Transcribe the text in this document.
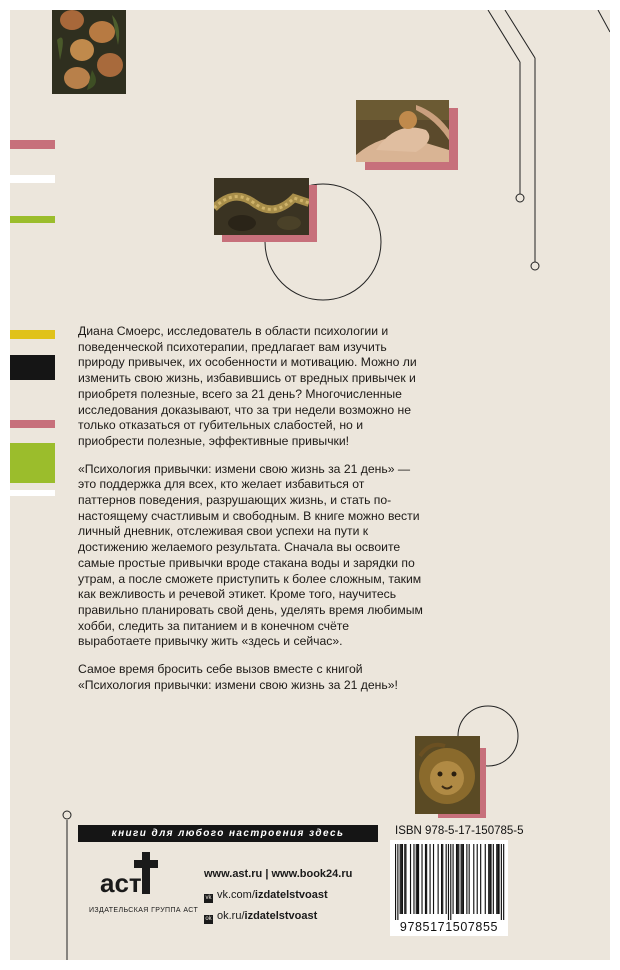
Диана Смоерс, исследователь в области психологии и поведенческой психотерапии, предлагает вам изучить природу привычек, их особенности и мотивацию. Можно ли изменить свою жизнь, избавившись от вредных привычек и приобретя полезные, всего за 21 день? Многочисленные исследования доказывают, что за три недели возможно не только отказаться от губительных слабостей, но и приобрести полезные, эффективные привычки!

«Психология привычки: измени свою жизнь за 21 день» — это поддержка для всех, кто желает избавиться от паттернов поведения, разрушающих жизнь, и стать по-настоящему счастливым и свободным. В книге можно вести личный дневник, отслеживая свои успехи на пути к достижению желаемого результата. Сначала вы освоите самые простые привычки вроде стакана воды и зарядки по утрам, а после сможете приступить к более сложным, таким как вежливость и речевой этикет. Кроме того, научитесь правильно планировать свой день, уделять время любимым хобби, следить за питанием и в конечном счёте выработаете привычку жить «здесь и сейчас».

Самое время бросить себе вызов вместе с книгой «Психология привычки: измени свою жизнь за 21 день»!

книги для любого настроения здесь	ISBN 978-5-17-150785-5
9785171507855
аст
ИЗДАТЕЛЬСКАЯ ГРУППА АСТ
www.ast.ru | www.book24.ru
vk vk.com/izdatelstvoast
ok ok.ru/izdatelstvoast
